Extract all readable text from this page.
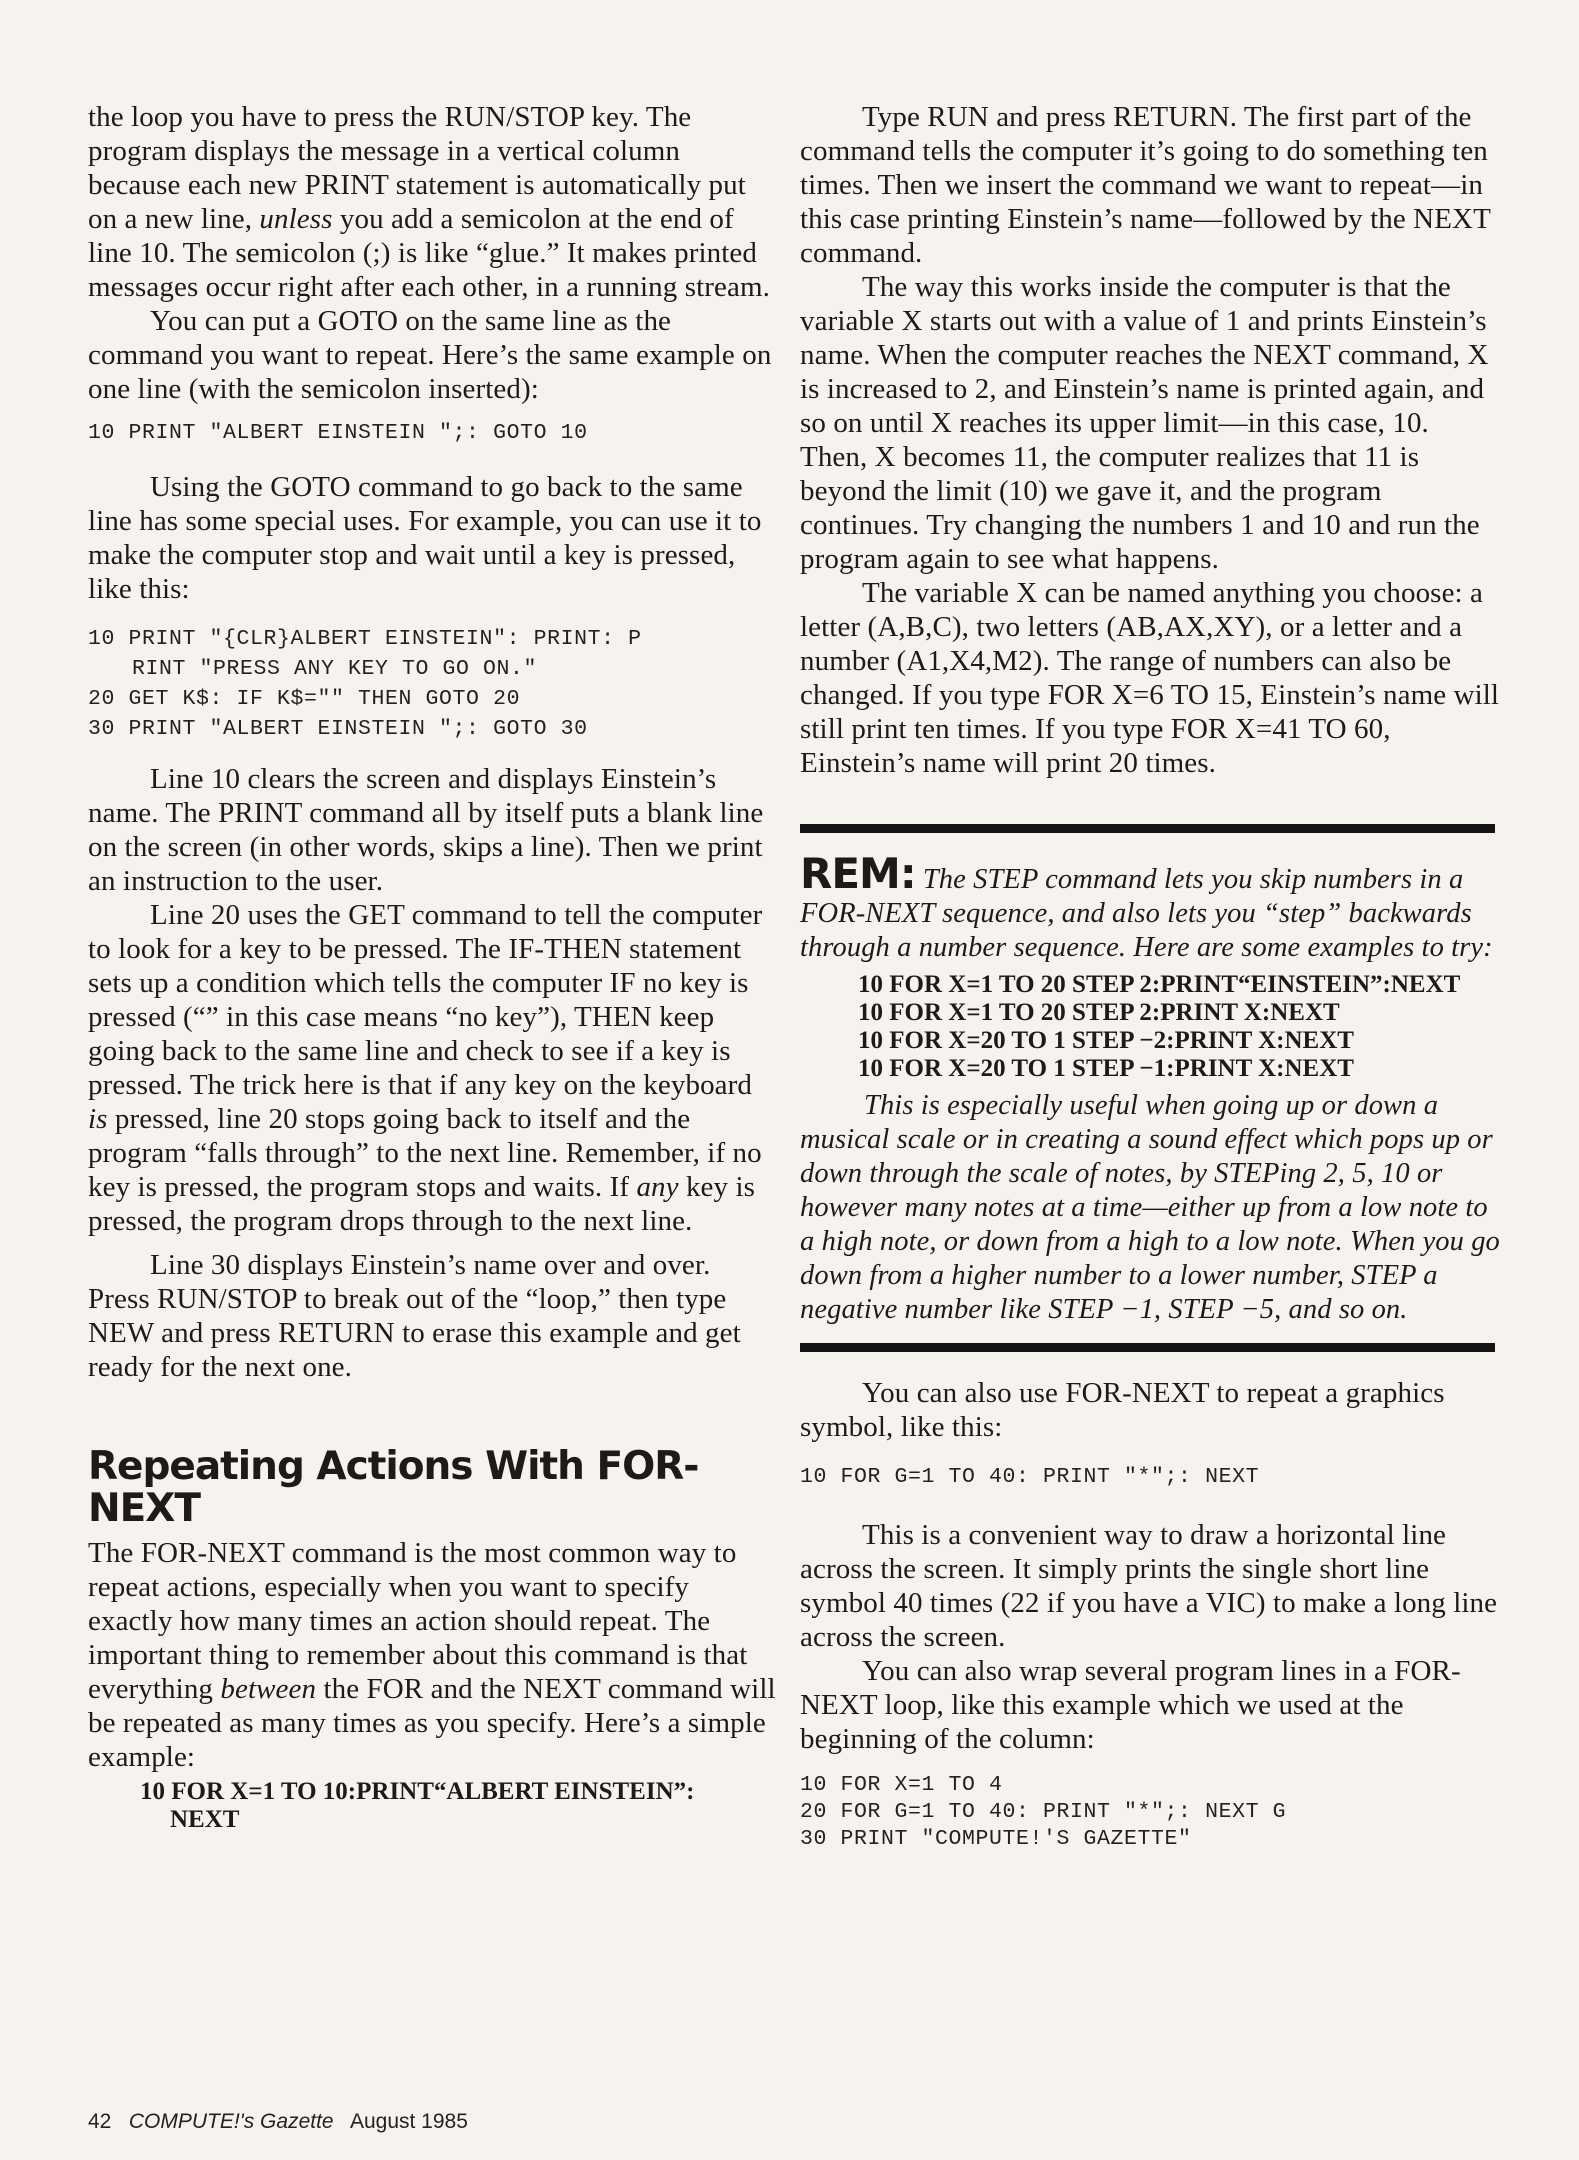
the loop you have to press the RUN/STOP key. The program displays the message in a vertical column because each new PRINT statement is automatically put on a new line, unless you add a semicolon at the end of line 10. The semicolon (;) is like “glue.” It makes printed messages occur right after each other, in a running stream.

You can put a GOTO on the same line as the command you want to repeat. Here’s the same example on one line (with the semicolon inserted):

10 PRINT "ALBERT EINSTEIN ";: GOTO 10

Using the GOTO command to go back to the same line has some special uses. For example, you can use it to make the computer stop and wait until a key is pressed, like this:

10 PRINT "{CLR}ALBERT EINSTEIN": PRINT: P
RINT "PRESS ANY KEY TO GO ON."
20 GET K$: IF K$="" THEN GOTO 20
30 PRINT "ALBERT EINSTEIN ";: GOTO 30

Line 10 clears the screen and displays Einstein’s name. The PRINT command all by itself puts a blank line on the screen (in other words, skips a line). Then we print an instruction to the user.

Line 20 uses the GET command to tell the computer to look for a key to be pressed. The IF-THEN statement sets up a condition which tells the computer IF no key is pressed (“” in this case means “no key”), THEN keep going back to the same line and check to see if a key is pressed. The trick here is that if any key on the keyboard is pressed, line 20 stops going back to itself and the program “falls through” to the next line. Remember, if no key is pressed, the program stops and waits. If any key is pressed, the program drops through to the next line.

Line 30 displays Einstein’s name over and over. Press RUN/STOP to break out of the “loop,” then type NEW and press RETURN to erase this example and get ready for the next one.

Repeating Actions With FOR-NEXT

The FOR-NEXT command is the most common way to repeat actions, especially when you want to specify exactly how many times an action should repeat. The important thing to remember about this command is that everything between the FOR and the NEXT command will be repeated as many times as you specify. Here’s a simple example:

10 FOR X=1 TO 10:PRINT“ALBERT EINSTEIN”:
NEXT

Type RUN and press RETURN. The first part of the command tells the computer it’s going to do something ten times. Then we insert the command we want to repeat—in this case printing Einstein’s name—followed by the NEXT command.

The way this works inside the computer is that the variable X starts out with a value of 1 and prints Einstein’s name. When the computer reaches the NEXT command, X is increased to 2, and Einstein’s name is printed again, and so on until X reaches its upper limit—in this case, 10. Then, X becomes 11, the computer realizes that 11 is beyond the limit (10) we gave it, and the program continues. Try changing the numbers 1 and 10 and run the program again to see what happens.

The variable X can be named anything you choose: a letter (A,B,C), two letters (AB,AX,XY), or a letter and a number (A1,X4,M2). The range of numbers can also be changed. If you type FOR X=6 TO 15, Einstein’s name will still print ten times. If you type FOR X=41 TO 60, Einstein’s name will print 20 times.

REM: The STEP command lets you skip numbers in a FOR-NEXT sequence, and also lets you “step” backwards through a number sequence. Here are some examples to try:

10 FOR X=1 TO 20 STEP 2:PRINT“EINSTEIN”:NEXT
10 FOR X=1 TO 20 STEP 2:PRINT X:NEXT
10 FOR X=20 TO 1 STEP −2:PRINT X:NEXT
10 FOR X=20 TO 1 STEP −1:PRINT X:NEXT

This is especially useful when going up or down a musical scale or in creating a sound effect which pops up or down through the scale of notes, by STEPing 2, 5, 10 or however many notes at a time—either up from a low note to a high note, or down from a high to a low note. When you go down from a higher number to a lower number, STEP a negative number like STEP −1, STEP −5, and so on.

You can also use FOR-NEXT to repeat a graphics symbol, like this:

10 FOR G=1 TO 40: PRINT "*";: NEXT

This is a convenient way to draw a horizontal line across the screen. It simply prints the single short line symbol 40 times (22 if you have a VIC) to make a long line across the screen.

You can also wrap several program lines in a FOR-NEXT loop, like this example which we used at the beginning of the column:

10 FOR X=1 TO 4
20 FOR G=1 TO 40: PRINT "*";: NEXT G
30 PRINT "COMPUTE!'S GAZETTE"
42 COMPUTE!'s Gazette August 1985
